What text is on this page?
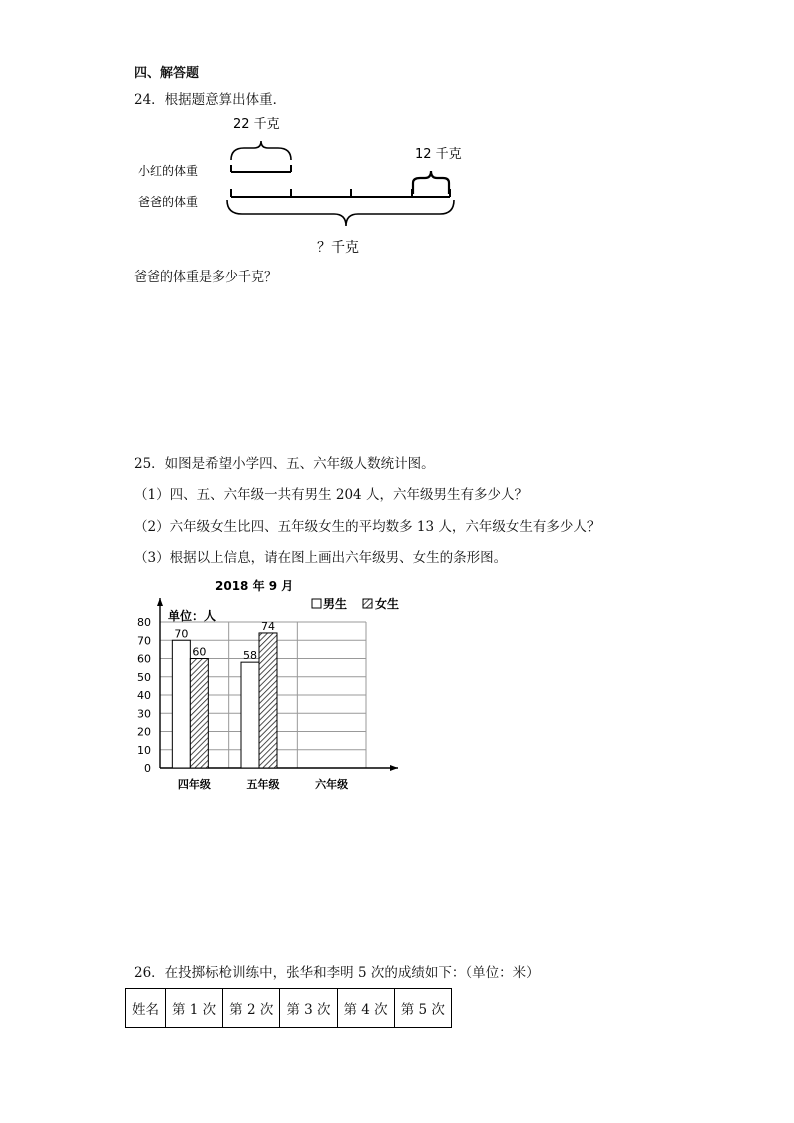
四、解答题
24．根据题意算出体重．
22 千克
12 千克
小红的体重
爸爸的体重
？千克
爸爸的体重是多少千克？
25．如图是希望小学四、五、六年级人数统计图。
（1）四、五、六年级一共有男生 204 人，六年级男生有多少人？
（2）六年级女生比四、五年级女生的平均数多 13 人，六年级女生有多少人？
（3）根据以上信息，请在图上画出六年级男、女生的条形图。
2018 年 9 月
单位：人
男生 女生
0
10
20
30
40
50
60
70
80
70
60
四年级
58
74
五年级	六年级
26．在投掷标枪训练中，张华和李明 5 次的成绩如下：（单位：米）
姓名	第 1 次	第 2 次	第 3 次	第 4 次	第 5 次
